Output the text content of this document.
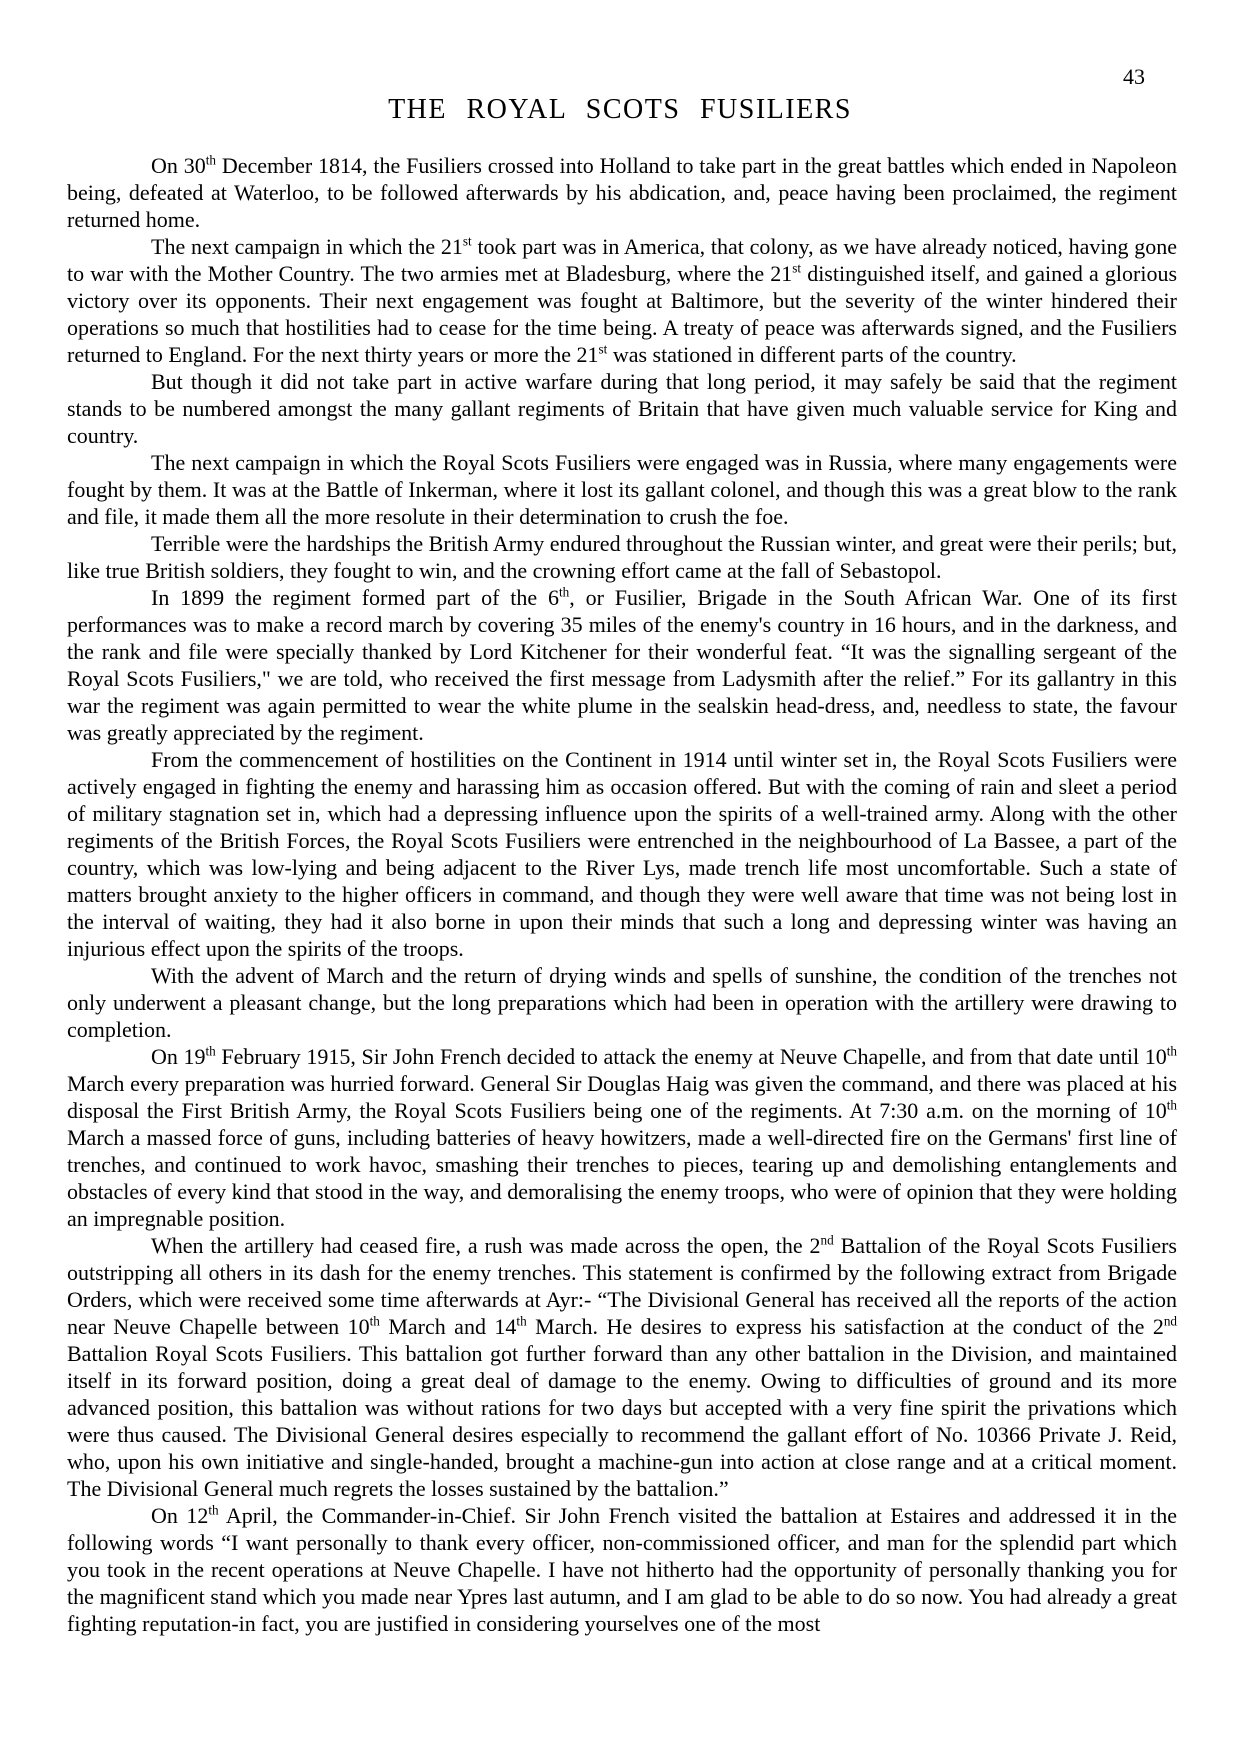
43
THE ROYAL SCOTS FUSILIERS

On 30th December 1814, the Fusiliers crossed into Holland to take part in the great battles which ended in Napoleon being, defeated at Waterloo, to be followed afterwards by his abdication, and, peace having been proclaimed, the regiment returned home.

The next campaign in which the 21st took part was in America, that colony, as we have already noticed, having gone to war with the Mother Country. The two armies met at Bladesburg, where the 21st distinguished itself, and gained a glorious victory over its opponents. Their next engagement was fought at Baltimore, but the severity of the winter hindered their operations so much that hostilities had to cease for the time being. A treaty of peace was afterwards signed, and the Fusiliers returned to England. For the next thirty years or more the 21st was stationed in different parts of the country.

But though it did not take part in active warfare during that long period, it may safely be said that the regiment stands to be numbered amongst the many gallant regiments of Britain that have given much valuable service for King and country.

The next campaign in which the Royal Scots Fusiliers were engaged was in Russia, where many engagements were fought by them. It was at the Battle of Inkerman, where it lost its gallant colonel, and though this was a great blow to the rank and file, it made them all the more resolute in their determination to crush the foe.

Terrible were the hardships the British Army endured throughout the Russian winter, and great were their perils; but, like true British soldiers, they fought to win, and the crowning effort came at the fall of Sebastopol.

In 1899 the regiment formed part of the 6th, or Fusilier, Brigade in the South African War. One of its first performances was to make a record march by covering 35 miles of the enemy's country in 16 hours, and in the darkness, and the rank and file were specially thanked by Lord Kitchener for their wonderful feat. “It was the signalling sergeant of the Royal Scots Fusiliers," we are told, who received the first message from Ladysmith after the relief.” For its gallantry in this war the regiment was again permitted to wear the white plume in the sealskin head-dress, and, needless to state, the favour was greatly appreciated by the regiment.

From the commencement of hostilities on the Continent in 1914 until winter set in, the Royal Scots Fusiliers were actively engaged in fighting the enemy and harassing him as occasion offered. But with the coming of rain and sleet a period of military stagnation set in, which had a depressing influence upon the spirits of a well-trained army. Along with the other regiments of the British Forces, the Royal Scots Fusiliers were entrenched in the neighbourhood of La Bassee, a part of the country, which was low-lying and being adjacent to the River Lys, made trench life most uncomfortable. Such a state of matters brought anxiety to the higher officers in command, and though they were well aware that time was not being lost in the interval of waiting, they had it also borne in upon their minds that such a long and depressing winter was having an injurious effect upon the spirits of the troops.

With the advent of March and the return of drying winds and spells of sunshine, the condition of the trenches not only underwent a pleasant change, but the long preparations which had been in operation with the artillery were drawing to completion.

On 19th February 1915, Sir John French decided to attack the enemy at Neuve Chapelle, and from that date until 10th March every preparation was hurried forward. General Sir Douglas Haig was given the command, and there was placed at his disposal the First British Army, the Royal Scots Fusiliers being one of the regiments. At 7:30 a.m. on the morning of 10th March a massed force of guns, including batteries of heavy howitzers, made a well-directed fire on the Germans' first line of trenches, and continued to work havoc, smashing their trenches to pieces, tearing up and demolishing entanglements and obstacles of every kind that stood in the way, and demoralising the enemy troops, who were of opinion that they were holding an impregnable position.

When the artillery had ceased fire, a rush was made across the open, the 2nd Battalion of the Royal Scots Fusiliers outstripping all others in its dash for the enemy trenches. This statement is confirmed by the following extract from Brigade Orders, which were received some time afterwards at Ayr:- “The Divisional General has received all the reports of the action near Neuve Chapelle between 10th March and 14th March. He desires to express his satisfaction at the conduct of the 2nd Battalion Royal Scots Fusiliers. This battalion got further forward than any other battalion in the Division, and maintained itself in its forward position, doing a great deal of damage to the enemy. Owing to difficulties of ground and its more advanced position, this battalion was without rations for two days but accepted with a very fine spirit the privations which were thus caused. The Divisional General desires especially to recommend the gallant effort of No. 10366 Private J. Reid, who, upon his own initiative and single-handed, brought a machine-gun into action at close range and at a critical moment. The Divisional General much regrets the losses sustained by the battalion.”

On 12th April, the Commander-in-Chief. Sir John French visited the battalion at Estaires and addressed it in the following words “I want personally to thank every officer, non-commissioned officer, and man for the splendid part which you took in the recent operations at Neuve Chapelle. I have not hitherto had the opportunity of personally thanking you for the magnificent stand which you made near Ypres last autumn, and I am glad to be able to do so now. You had already a great fighting reputation-in fact, you are justified in considering yourselves one of the most
